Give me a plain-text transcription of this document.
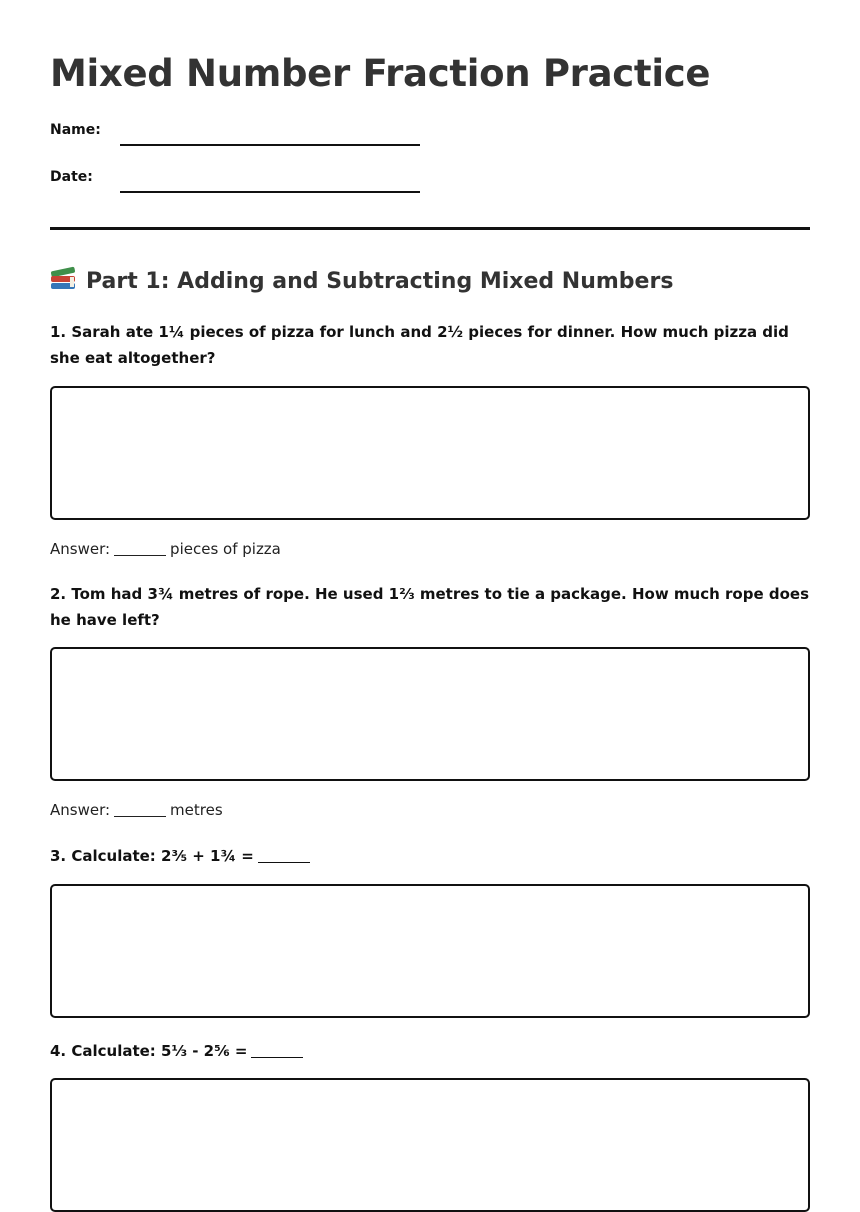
Mixed Number Fraction Practice
Name:
Date:
Part 1: Adding and Subtracting Mixed Numbers

1. Sarah ate 1¼ pieces of pizza for lunch and 2½ pieces for dinner. How much pizza did she eat altogether?

Answer:	pieces of pizza

2. Tom had 3¾ metres of rope. He used 1⅔ metres to tie a package. How much rope does he have left?

Answer:	metres

3. Calculate: 2⅗ + 1¾ =

4. Calculate: 5⅓ - 2⅚ =
